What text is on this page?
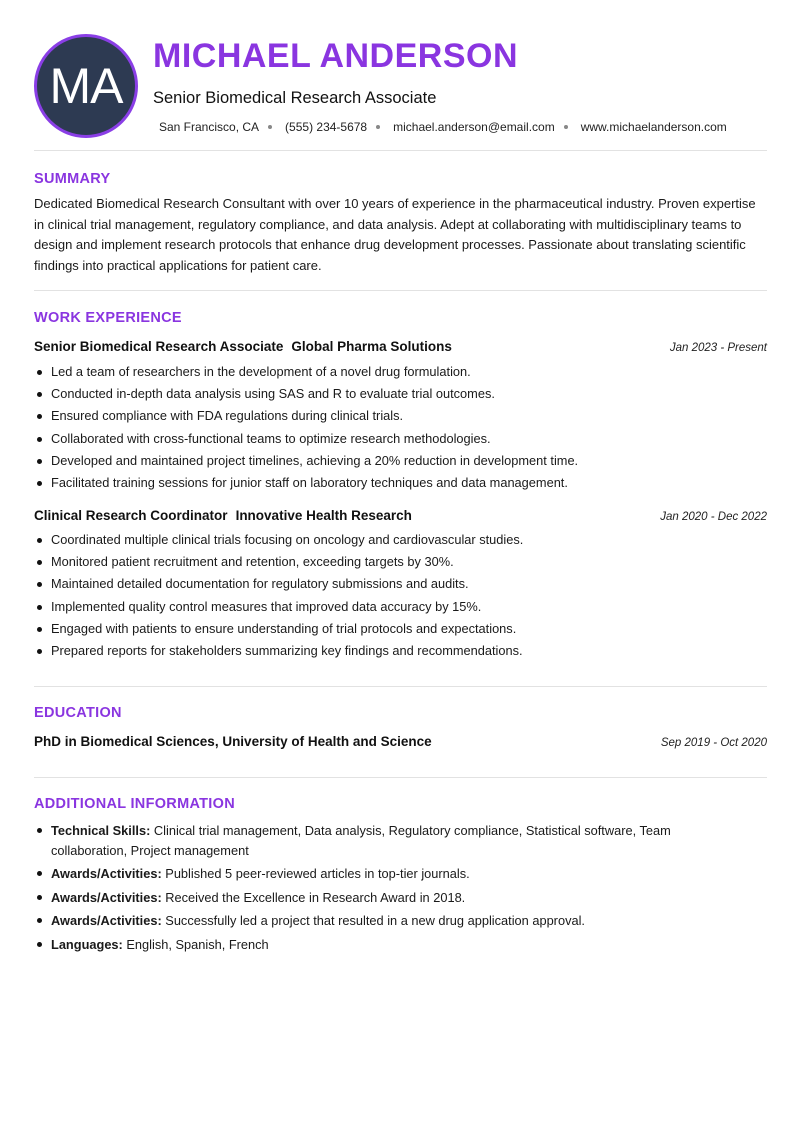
MA
MICHAEL ANDERSON
Senior Biomedical Research Associate
San Francisco, CA (555) 234-5678 michael.anderson@email.com www.michaelanderson.com
SUMMARY
Dedicated Biomedical Research Consultant with over 10 years of experience in the pharmaceutical industry. Proven expertise in clinical trial management, regulatory compliance, and data analysis. Adept at collaborating with multidisciplinary teams to design and implement research protocols that enhance drug development processes. Passionate about translating scientific findings into practical applications for patient care.
WORK EXPERIENCE
Senior Biomedical Research Associate Global Pharma Solutions	Jan 2023 - Present
Led a team of researchers in the development of a novel drug formulation.
Conducted in-depth data analysis using SAS and R to evaluate trial outcomes.
Ensured compliance with FDA regulations during clinical trials.
Collaborated with cross-functional teams to optimize research methodologies.
Developed and maintained project timelines, achieving a 20% reduction in development time.
Facilitated training sessions for junior staff on laboratory techniques and data management.
Clinical Research Coordinator Innovative Health Research	Jan 2020 - Dec 2022
Coordinated multiple clinical trials focusing on oncology and cardiovascular studies.
Monitored patient recruitment and retention, exceeding targets by 30%.
Maintained detailed documentation for regulatory submissions and audits.
Implemented quality control measures that improved data accuracy by 15%.
Engaged with patients to ensure understanding of trial protocols and expectations.
Prepared reports for stakeholders summarizing key findings and recommendations.
EDUCATION
PhD in Biomedical Sciences, University of Health and Science	Sep 2019 - Oct 2020
ADDITIONAL INFORMATION
Technical Skills: Clinical trial management, Data analysis, Regulatory compliance, Statistical software, Team collaboration, Project management
Awards/Activities: Published 5 peer-reviewed articles in top-tier journals.
Awards/Activities: Received the Excellence in Research Award in 2018.
Awards/Activities: Successfully led a project that resulted in a new drug application approval.
Languages: English, Spanish, French
